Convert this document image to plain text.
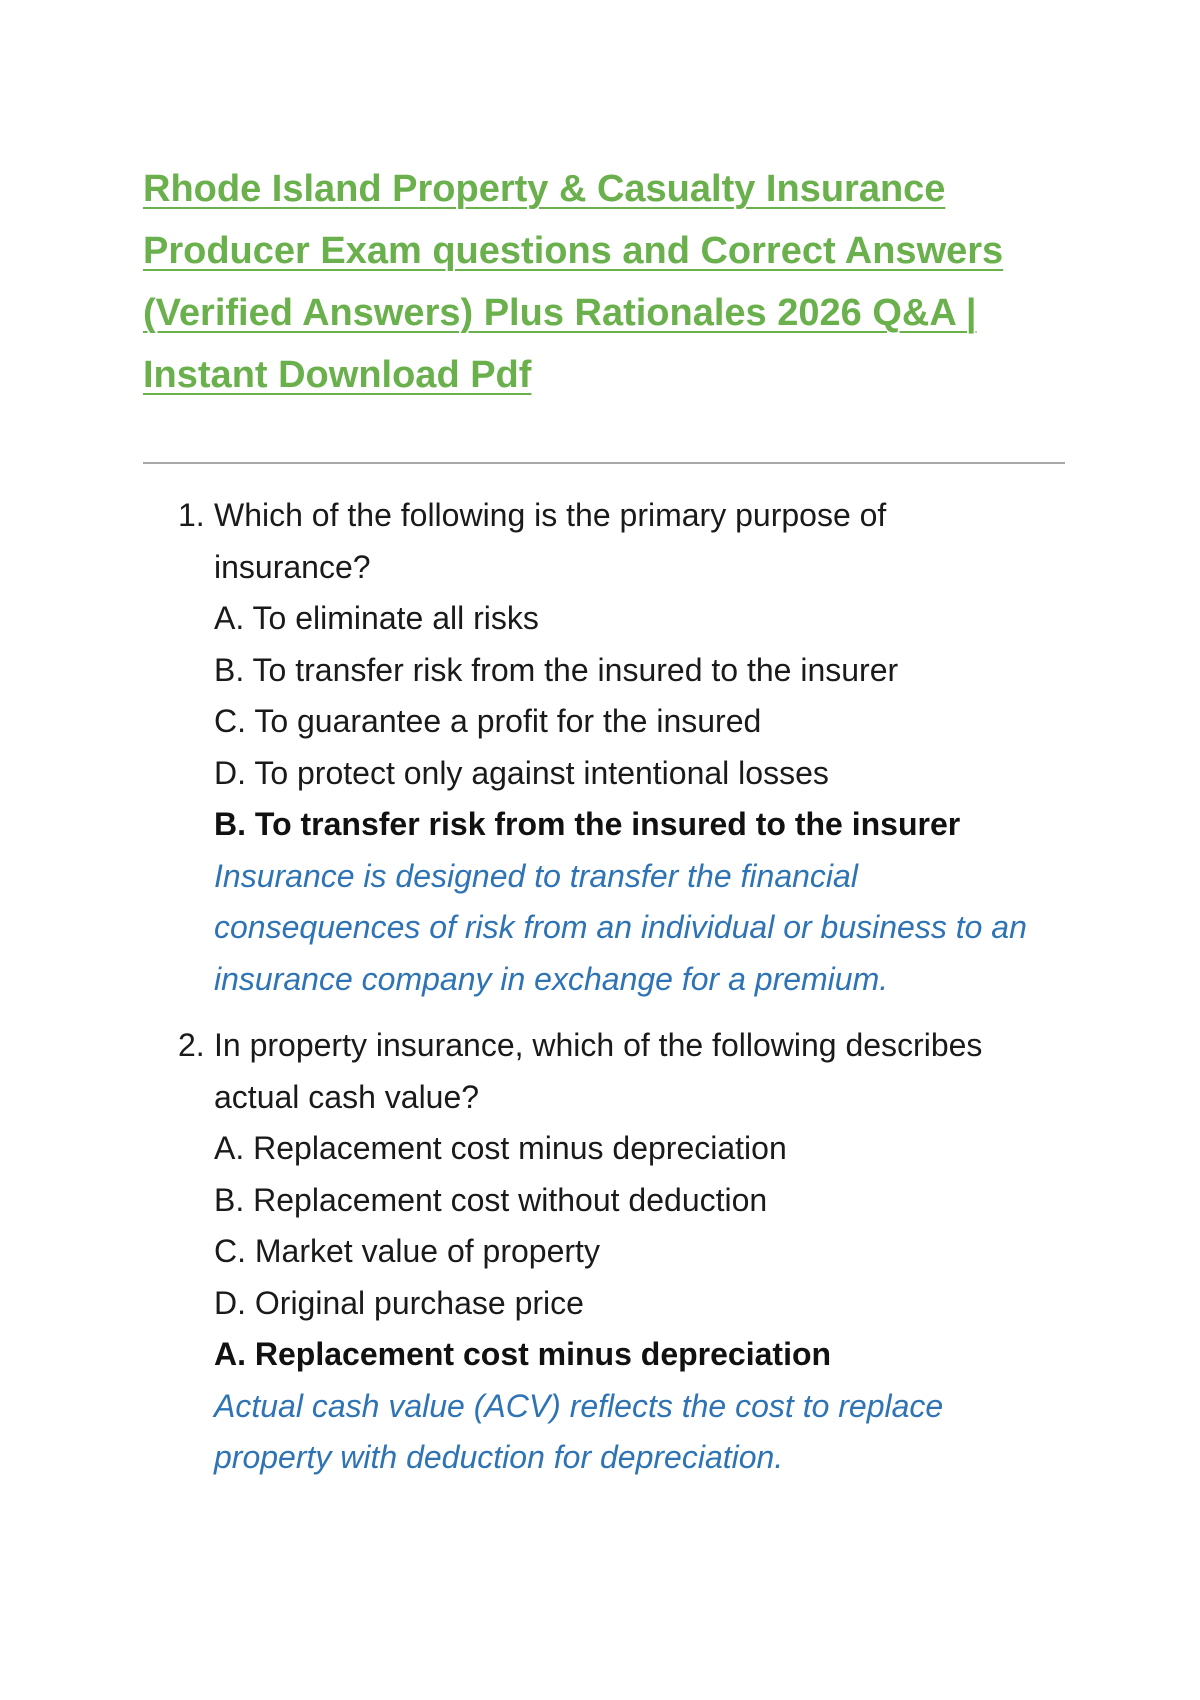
Rhode Island Property & Casualty Insurance
Producer Exam questions and Correct Answers
(Verified Answers) Plus Rationales 2026 Q&A |
Instant Download Pdf
1. Which of the following is the primary purpose of
insurance?
A. To eliminate all risks
B. To transfer risk from the insured to the insurer
C. To guarantee a profit for the insured
D. To protect only against intentional losses
B. To transfer risk from the insured to the insurer
Insurance is designed to transfer the financial
consequences of risk from an individual or business to an
insurance company in exchange for a premium.
2. In property insurance, which of the following describes
actual cash value?
A. Replacement cost minus depreciation
B. Replacement cost without deduction
C. Market value of property
D. Original purchase price
A. Replacement cost minus depreciation
Actual cash value (ACV) reflects the cost to replace
property with deduction for depreciation.
